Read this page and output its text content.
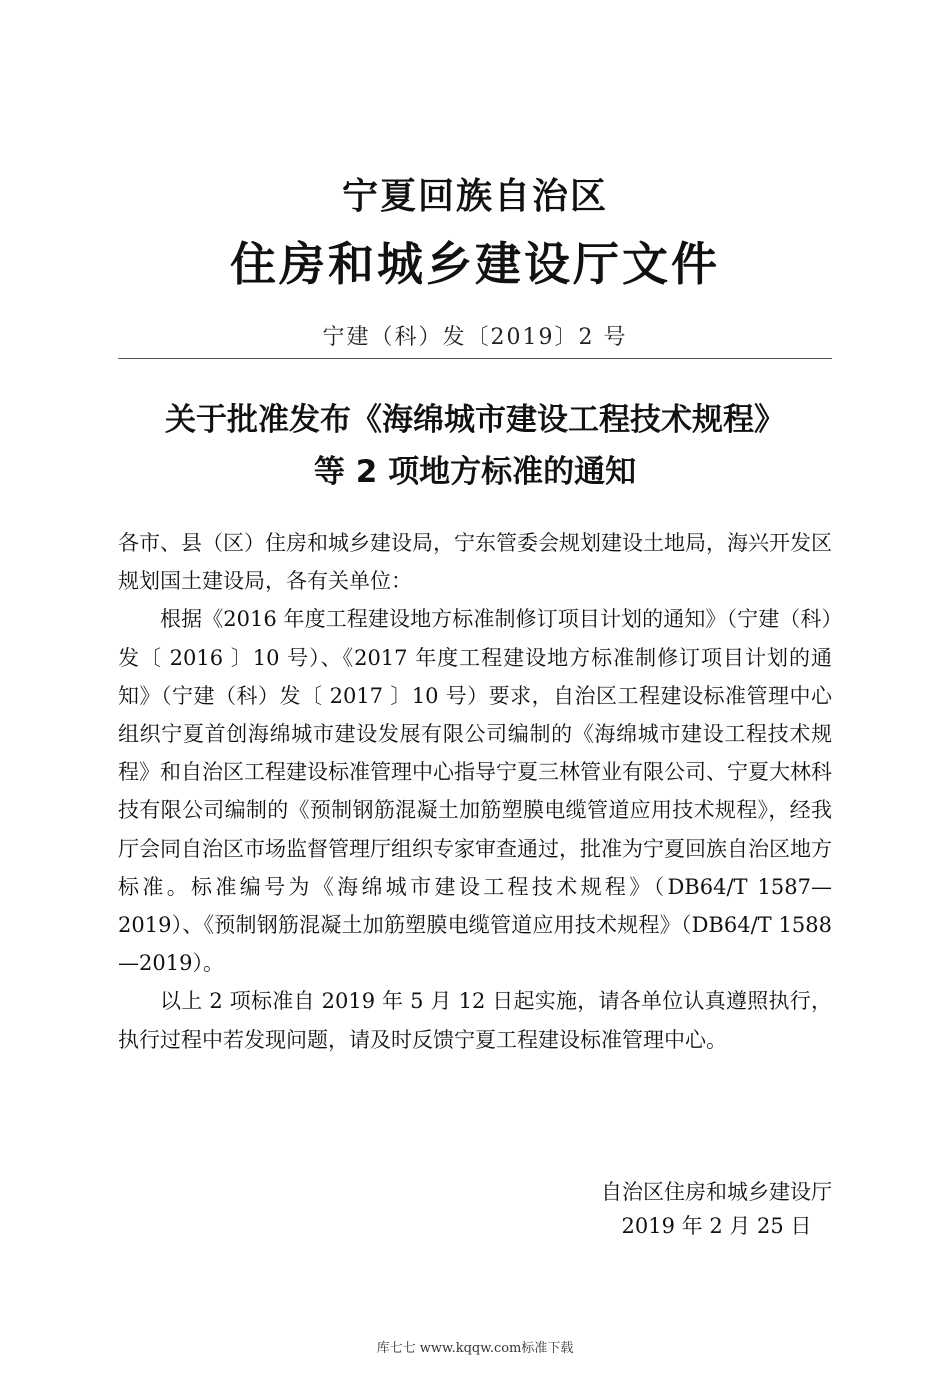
宁夏回族自治区
住房和城乡建设厅文件
宁建（科）发〔2019〕2 号
关于批准发布《海绵城市建设工程技术规程》
等 2 项地方标准的通知

各市、县（区）住房和城乡建设局，宁东管委会规划建设土地局，海兴开发区规划国土建设局，各有关单位：

根据《2016 年度工程建设地方标准制修订项目计划的通知》（宁建（科）发〔 2016 〕10 号）、《2017 年度工程建设地方标准制修订项目计划的通知》（宁建（科）发〔 2017 〕10 号）要求，自治区工程建设标准管理中心组织宁夏首创海绵城市建设发展有限公司编制的《海绵城市建设工程技术规程》和自治区工程建设标准管理中心指导宁夏三林管业有限公司、宁夏大林科技有限公司编制的《预制钢筋混凝土加筋塑膜电缆管道应用技术规程》，经我厅会同自治区市场监督管理厅组织专家审查通过，批准为宁夏回族自治区地方标准。标准编号为《海绵城市建设工程技术规程》（DB64/T 1587—2019）、《预制钢筋混凝土加筋塑膜电缆管道应用技术规程》（DB64/T 1588—2019）。

以上 2 项标准自 2019 年 5 月 12 日起实施，请各单位认真遵照执行，执行过程中若发现问题，请及时反馈宁夏工程建设标准管理中心。

自治区住房和城乡建设厅
2019 年 2 月 25 日
库七七 www.kqqw.com标准下载
